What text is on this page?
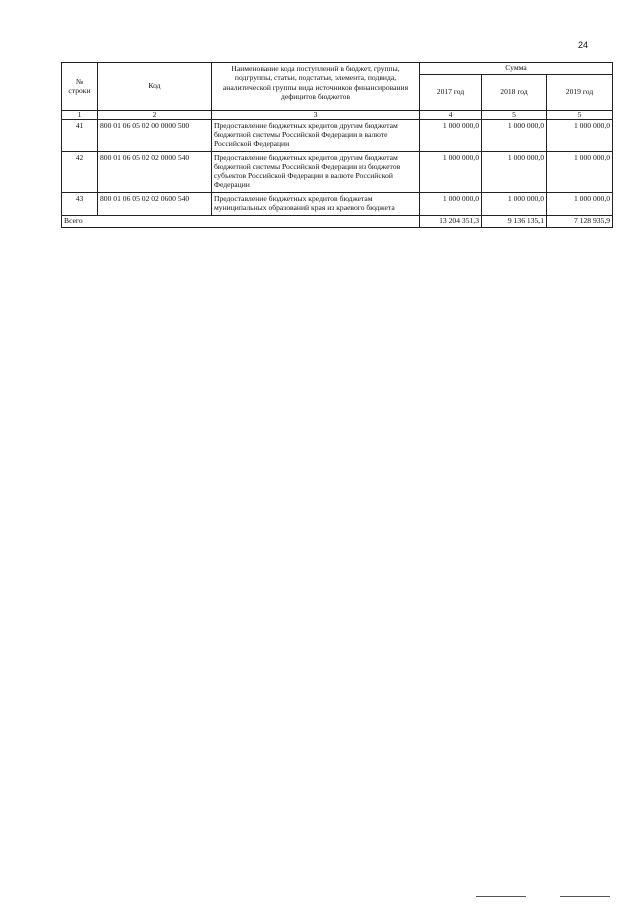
24
№ строки	Код	Наименование кода поступлений в бюджет, группы, подгруппы, статьи, подстатьи, элемента, подвида, аналитической группы вида источников финансирования дефицитов бюджетов	Сумма		
			2017 год	2018 год	2019 год
1	2	3	4	5	5
41	800 01 06 05 02 00 0000 500	Предоставление бюджетных кредитов другим бюджетам бюджетной системы Российской Федерации в валюте Российской Федерации	1 000 000,0	1 000 000,0	1 000 000,0
42	800 01 06 05 02 02 0000 540	Предоставление бюджетных кредитов другим бюджетам бюджетной системы Российской Федерации из бюджетов субъектов Российской Федерации в валюте Российской Федерации	1 000 000,0	1 000 000,0	1 000 000,0
43	800 01 06 05 02 02 0600 540	Предоставление бюджетных кредитов бюджетам муниципальных образований края из краевого бюджета	1 000 000,0	1 000 000,0	1 000 000,0
Всего			13 204 351,3	9 136 135,1	7 128 935,9
